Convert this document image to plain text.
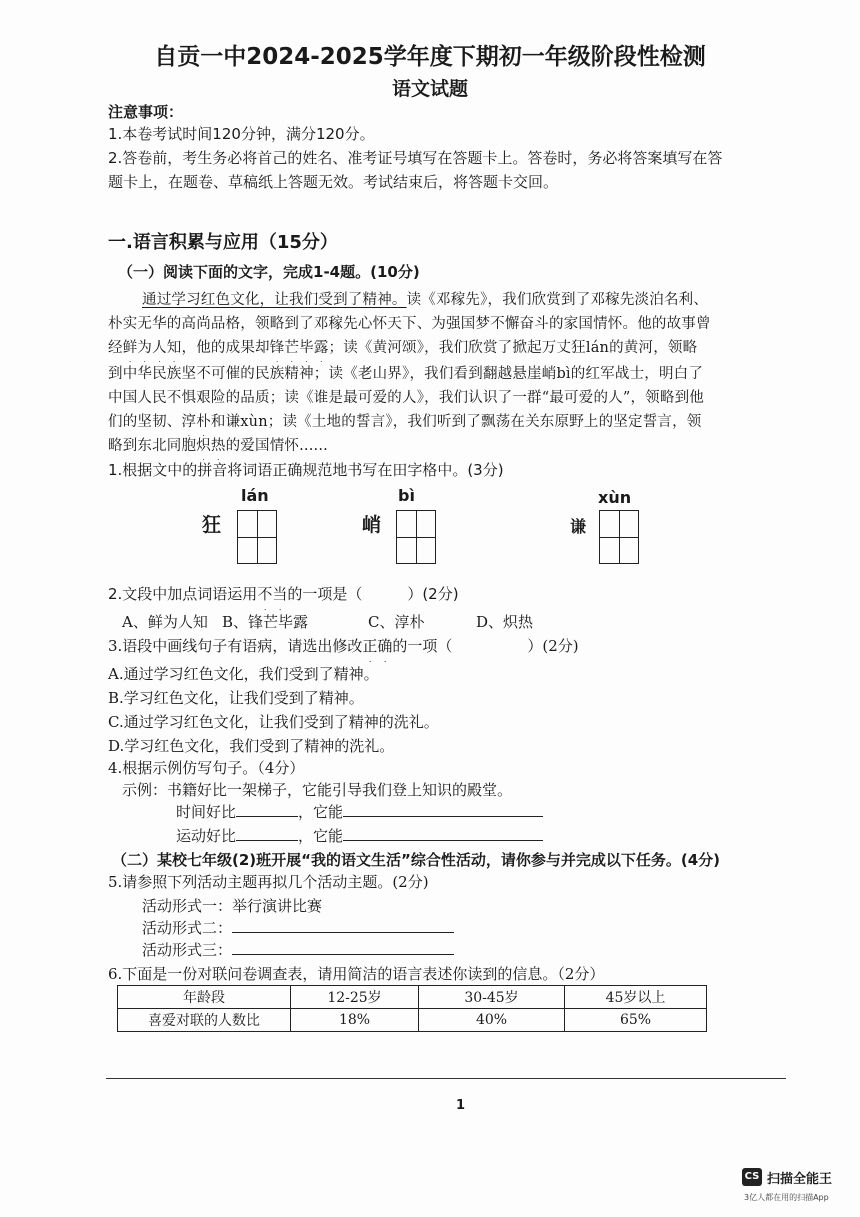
自贡一中2024-2025学年度下期初一年级阶段性检测
语文试题
注意事项：
1.本卷考试时间120分钟，满分120分。
2.答卷前，考生务必将首己的姓名、准考证号填写在答题卡上。答卷时，务必将答案填写在答
题卡上，在题卷、草稿纸上答题无效。考试结束后，将答题卡交回。
一.语言积累与应用（15分）
（一）阅读下面的文字，完成1-4题。(10分)
通过学习红色文化，让我们受到了精神。读《邓稼先》，我们欣赏到了邓稼先淡泊名利、
朴实无华的高尚品格，领略到了邓稼先心怀天下、为强国梦不懈奋斗的家国情怀。他的故事曾
经鲜为人知，他的成果却锋芒毕露；读《黄河颂》，我们欣赏了掀起万丈狂lán的黄河，领略
到中华民族坚不可催的民族精神；读《老山界》，我们看到翻越悬崖峭bì的红军战士，明白了
中国人民不惧艰险的品质；读《谁是最可爱的人》，我们认识了一群“最可爱的人”，领略到他
们的坚韧、淳朴和谦xùn；读《土地的誓言》，我们听到了飘荡在关东原野上的坚定誓言，领
略到东北同胞炽热的爱国情怀......
1.根据文中的拼音将词语正确规范地书写在田字格中。(3分)
lán
狂
bì
峭
xùn
谦
2.文段中加点词语运用不当的一项是（　　　）(2分)
A、鲜为人知 B、锋芒毕露	C、淳朴	D、炽热
3.语段中画线句子有语病，请选出修改正确的一项（　　　　　）(2分)
A.通过学习红色文化，我们受到了精神。
B.学习红色文化，让我们受到了精神。
C.通过学习红色文化，让我们受到了精神的洗礼。
D.学习红色文化，我们受到了精神的洗礼。
4.根据示例仿写句子。（4分）
示例：书籍好比一架梯子，它能引导我们登上知识的殿堂。
时间好比	，它能
运动好比	，它能
（二）某校七年级(2)班开展“我的语文生活”综合性活动，请你参与并完成以下任务。(4分)
5.请参照下列活动主题再拟几个活动主题。(2分)
活动形式一：举行演讲比赛
活动形式二：
活动形式三：
6.下面是一份对联问卷调查表，请用简洁的语言表述你读到的信息。（2分）
年龄段	12-25岁	30-45岁	45岁以上
喜爱对联的人数比	18%	40%	65%
1
CS 扫描全能王
3亿人都在用的扫描App
